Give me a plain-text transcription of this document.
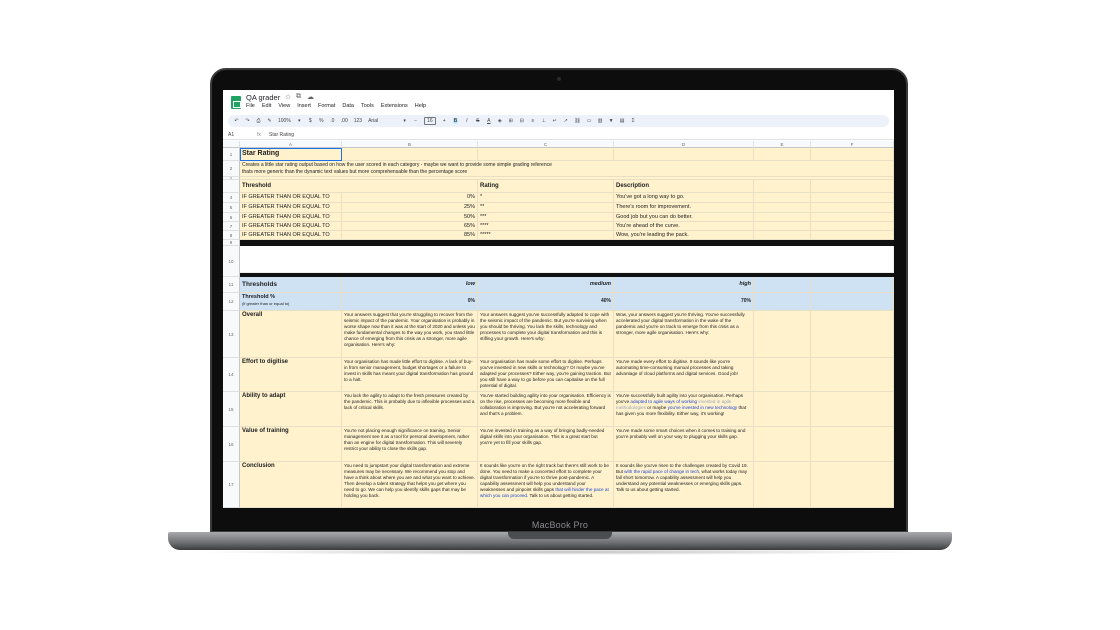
MacBook Pro
QA grader ☆ ⧉ ☁
File Edit View Insert Format Data Tools Extensions Help
↶ ↷ ⎙ ✎ 100% ▾ $ % .0 .00 123 Arial	▾ −	16	+ B	I	S A ◈ ⊞ ⊟ ≡ ⊥ ↵ ↗ ⛓ ▭ ▥ ▼ ▤ Σ
A1	fx Star Rating
A	B	C	D	E	F
1
2
3
4
5
6
7
8
9
10
11
12
13
14
15
16
17
Star Rating
Creates a little star rating output based on how the user scored in each category - maybe we want to provide some simple grading reference
thats more generic than the dynamic text values but more comprehensable than the percentage score
Threshold	Rating	Description
IF GREATER THAN OR EQUAL TO	0% *	You've got a long way to go.
IF GREATER THAN OR EQUAL TO	25% **	There's room for improvement.
IF GREATER THAN OR EQUAL TO	50% ***	Good job but you can do better.
IF GREATER THAN OR EQUAL TO	65% ****	You're ahead of the curve.
IF GREATER THAN OR EQUAL TO	85% *****	Wow, you're leading the pack.
Thresholds	low	medium	high
Threshold %
(if greater than or equal to)	0%	40%	70%
Overall	Your answers suggest that you're struggling to recover from the seismic impact of the pandemic. Your organisation is probably in worse shape now than it was at the start of 2020 and unless you make fundamental changes to the way you work, you stand little chance of emerging from this crisis as a stronger, more agile organisation. Here's why:
Your answers suggest you've successfully adapted to cope with the seismic impact of the pandemic. But you're surviving when you should be thriving. You lack the skills, technology and processes to complete your digital transformation and this is stifling your growth. Here's why:
Wow, your answers suggest you're thriving. You've successfully accelerated your digital transformation in the wake of the pandemic and you're on track to emerge from this crisis as a stronger, more agile organisation. Here's why:
Effort to digitise	Your organisation has made little effort to digitise. A lack of buy-in from senior management, budget shortages or a failure to invest in skills has meant your digital transformation has ground to a halt.
Your organisation has made some effort to digitise. Perhaps you've invested in new skills or technology? Or maybe you've adapted your processes? Either way, you're gaining traction. But you still have a way to go before you can capitalise on the full potential of digital.
You've made every effort to digitise. It sounds like you're automating time-consuming manual processes and taking advantage of cloud platforms and digital services. Good job!
Ability to adapt	You lack the agility to adapt to the fresh pressures created by the pandemic. This is probably due to inflexible processes and a lack of critical skills.
You've started building agility into your organisation. Efficiency is on the rise, processes are becoming more flexible and collaboration is improving. But you're not accelerating forward and that's a problem.
You've successfully built agility into your organisation. Perhaps you've adapted to agile ways of working invested in agile methodologies or maybe you've invested in new technology that has given you more flexibility. Either way, it's working!
Value of training	You're not placing enough significance on training. Senior management see it as a tool for personal development, rather than an engine for digital transformation. This will severely restrict your ability to close the skills gap.
You've invested in training as a way of bringing badly-needed digital skills into your organisation. This is a great start but you're yet to fill your skills gap.
You've made some smart choices when it comes to training and you're probably well on your way to plugging your skills gap.
Conclusion	You need to jumpstart your digital transformation and extreme measures may be necessary. We recommend you stop and have a think about where you are and what you want to achieve. Then develop a talent strategy that helps you get where you need to go. We can help you identify skills gaps that may be holding you back.
It sounds like you're on the right track but there's still work to be done. You need to make a concerted effort to complete your digital transformation if you're to thrive post-pandemic. A capability assessment will help you understand your weaknesses and pinpoint skills gaps that will hinder the pace at which you can proceed. Talk to us about getting started.
It sounds like you've risen to the challenges created by Covid 19. But with the rapid pace of change in tech, what works today may fall short tomorrow. A capability assessment will help you understand any potential weaknesses or emerging skills gaps. Talk to us about getting started.
